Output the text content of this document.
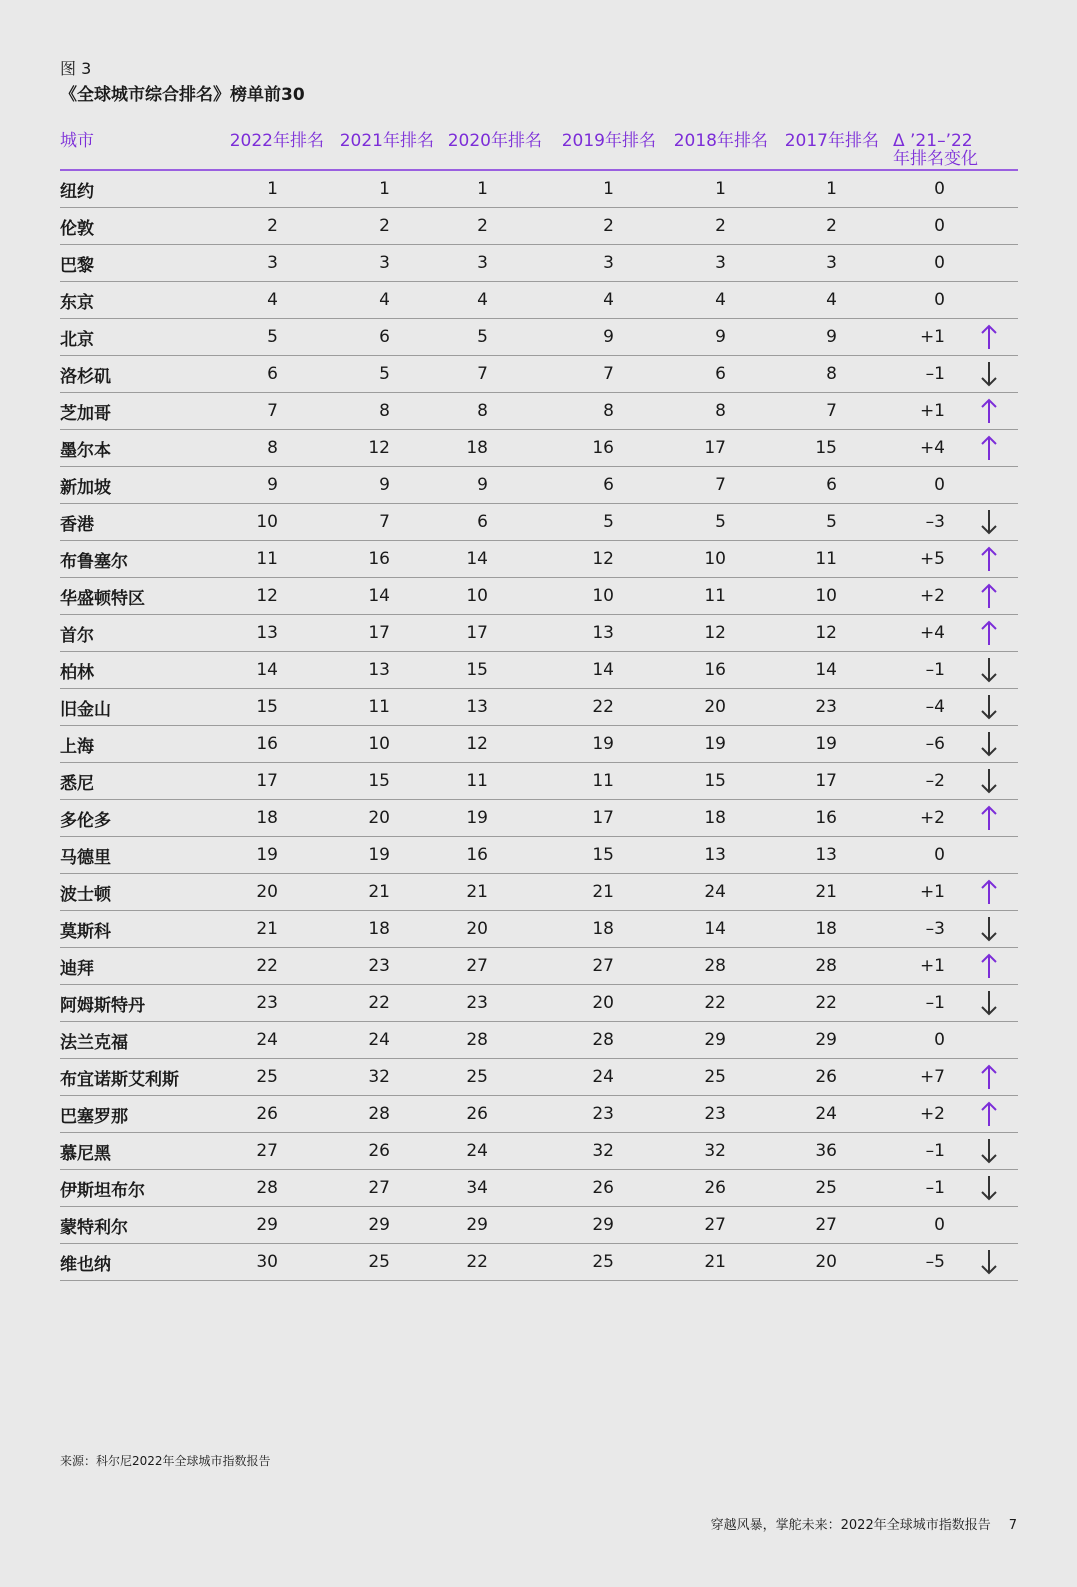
图 3
《全球城市综合排名》榜单前30
城市	2022年排名	2021年排名	2020年排名	2019年排名	2018年排名	2017年排名	Δ ’21–’22
年排名变化	

纽约	1	1	1	1	1	1	0	
伦敦	2	2	2	2	2	2	0	
巴黎	3	3	3	3	3	3	0	
东京	4	4	4	4	4	4	0	
北京	5	6	5	9	9	9	+1	
洛杉矶	6	5	7	7	6	8	–1	
芝加哥	7	8	8	8	8	7	+1	
墨尔本	8	12	18	16	17	15	+4	
新加坡	9	9	9	6	7	6	0	
香港	10	7	6	5	5	5	–3	
布鲁塞尔	11	16	14	12	10	11	+5	
华盛顿特区	12	14	10	10	11	10	+2	
首尔	13	17	17	13	12	12	+4	
柏林	14	13	15	14	16	14	–1	
旧金山	15	11	13	22	20	23	–4	
上海	16	10	12	19	19	19	–6	
悉尼	17	15	11	11	15	17	–2	
多伦多	18	20	19	17	18	16	+2	
马德里	19	19	16	15	13	13	0	
波士顿	20	21	21	21	24	21	+1	
莫斯科	21	18	20	18	14	18	–3	
迪拜	22	23	27	27	28	28	+1	
阿姆斯特丹	23	22	23	20	22	22	–1	
法兰克福	24	24	28	28	29	29	0	
布宜诺斯艾利斯	25	32	25	24	25	26	+7	
巴塞罗那	26	28	26	23	23	24	+2	
慕尼黑	27	26	24	32	32	36	–1	
伊斯坦布尔	28	27	34	26	26	25	–1	
蒙特利尔	29	29	29	29	27	27	0	
维也纳	30	25	22	25	21	20	–5	
来源：科尔尼2022年全球城市指数报告
穿越风暴，掌舵未来：2022年全球城市指数报告 7
